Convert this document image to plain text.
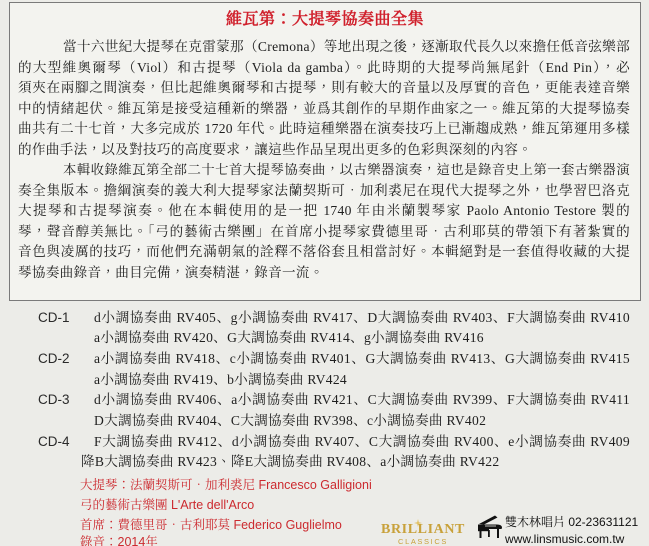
維瓦第：大提琴協奏曲全集
當十六世紀大提琴在克雷蒙那（Cremona）等地出現之後，逐漸取代長久以來擔任低音弦樂部
的大型維奧爾琴（Viol）和古提琴（Viola da gamba）。此時期的大提琴尚無尾針（End Pin），必
須夾在兩腳之間演奏，但比起維奧爾琴和古提琴，則有較大的音量以及厚實的音色，更能表達音樂
中的情緒起伏。維瓦第是接受這種新的樂器，並爲其創作的早期作曲家之一。維瓦第的大提琴協奏
曲共有二十七首，大多完成於 1720 年代。此時這種樂器在演奏技巧上已漸趨成熟，維瓦第運用多樣
的作曲手法，以及對技巧的高度要求，讓這些作品呈現出更多的色彩與深刻的內容。
本輯收錄維瓦第全部二十七首大提琴協奏曲，以古樂器演奏，這也是錄音史上第一套古樂器演
奏全集版本。擔綱演奏的義大利大提琴家法蘭契斯可．加利裘尼在現代大提琴之外，也學習巴洛克
大提琴和古提琴演奏。他在本輯使用的是一把 1740 年由米蘭製琴家 Paolo Antonio Testore 製的
琴，聲音醇美無比。「弓的藝術古樂團」在首席小提琴家費德里哥．古利耶莫的帶領下有著紮實的
音色與凌厲的技巧，而他們充滿朝氣的詮釋不落俗套且相當討好。本輯絕對是一套值得收藏的大提
琴協奏曲錄音，曲目完備，演奏精湛，錄音一流。
CD-1	d小調協奏曲 RV405、g小調協奏曲 RV417、D大調協奏曲 RV403、F大調協奏曲 RV410
a小調協奏曲 RV420、G大調協奏曲 RV414、g小調協奏曲 RV416
CD-2	a小調協奏曲 RV418、c小調協奏曲 RV401、G大調協奏曲 RV413、G大調協奏曲 RV415
a小調協奏曲 RV419、b小調協奏曲 RV424
CD-3	d小調協奏曲 RV406、a小調協奏曲 RV421、C大調協奏曲 RV399、F大調協奏曲 RV411
D大調協奏曲 RV404、C大調協奏曲 RV398、c小調協奏曲 RV402
CD-4	F大調協奏曲 RV412、d小調協奏曲 RV407、C大調協奏曲 RV400、e小調協奏曲 RV409
降B大調協奏曲 RV423、降E大調協奏曲 RV408、a小調協奏曲 RV422
大提琴：法蘭契斯可．加利裘尼 Francesco Galligioni
弓的藝術古樂團 L'Arte dell'Arco
首席：費德里哥．古利耶莫 Federico Guglielmo
錄音：2014年
BRILLIANT
CLASSICS
雙木林唱片 02-23631121
www.linsmusic.com.tw
